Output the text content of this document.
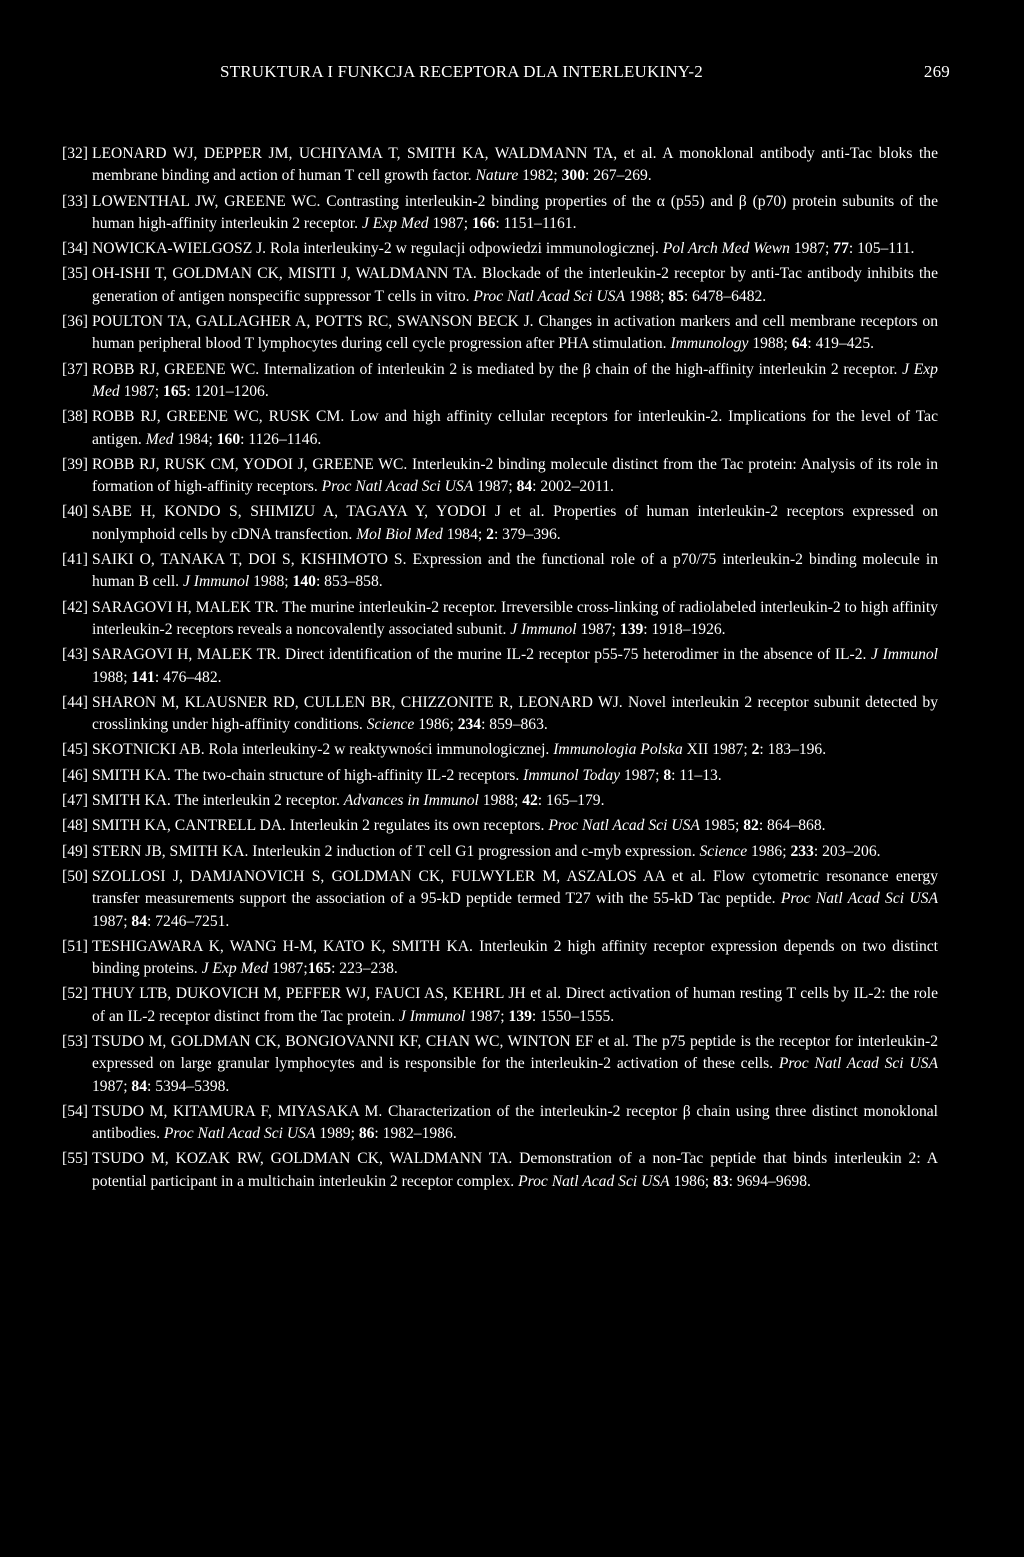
STRUKTURA I FUNKCJA RECEPTORA DLA INTERLEUKINY-2	269
[32] LEONARD WJ, DEPPER JM, UCHIYAMA T, SMITH KA, WALDMANN TA, et al. A monoklonal antibody anti-Tac bloks the membrane binding and action of human T cell growth factor. Nature 1982; 300: 267–269.
[33] LOWENTHAL JW, GREENE WC. Contrasting interleukin-2 binding properties of the α (p55) and β (p70) protein subunits of the human high-affinity interleukin 2 receptor. J Exp Med 1987; 166: 1151–1161.
[34] NOWICKA-WIELGOSZ J. Rola interleukiny-2 w regulacji odpowiedzi immunologicznej. Pol Arch Med Wewn 1987; 77: 105–111.
[35] OH-ISHI T, GOLDMAN CK, MISITI J, WALDMANN TA. Blockade of the interleukin-2 receptor by anti-Tac antibody inhibits the generation of antigen nonspecific suppressor T cells in vitro. Proc Natl Acad Sci USA 1988; 85: 6478–6482.
[36] POULTON TA, GALLAGHER A, POTTS RC, SWANSON BECK J. Changes in activation markers and cell membrane receptors on human peripheral blood T lymphocytes during cell cycle progression after PHA stimulation. Immunology 1988; 64: 419–425.
[37] ROBB RJ, GREENE WC. Internalization of interleukin 2 is mediated by the β chain of the high-affinity interleukin 2 receptor. J Exp Med 1987; 165: 1201–1206.
[38] ROBB RJ, GREENE WC, RUSK CM. Low and high affinity cellular receptors for interleukin-2. Implications for the level of Tac antigen. Med 1984; 160: 1126–1146.
[39] ROBB RJ, RUSK CM, YODOI J, GREENE WC. Interleukin-2 binding molecule distinct from the Tac protein: Analysis of its role in formation of high-affinity receptors. Proc Natl Acad Sci USA 1987; 84: 2002–2011.
[40] SABE H, KONDO S, SHIMIZU A, TAGAYA Y, YODOI J et al. Properties of human interleukin-2 receptors expressed on nonlymphoid cells by cDNA transfection. Mol Biol Med 1984; 2: 379–396.
[41] SAIKI O, TANAKA T, DOI S, KISHIMOTO S. Expression and the functional role of a p70/75 interleukin-2 binding molecule in human B cell. J Immunol 1988; 140: 853–858.
[42] SARAGOVI H, MALEK TR. The murine interleukin-2 receptor. Irreversible cross-linking of radiolabeled interleukin-2 to high affinity interleukin-2 receptors reveals a noncovalently associated subunit. J Immunol 1987; 139: 1918–1926.
[43] SARAGOVI H, MALEK TR. Direct identification of the murine IL-2 receptor p55-75 heterodimer in the absence of IL-2. J Immunol 1988; 141: 476–482.
[44] SHARON M, KLAUSNER RD, CULLEN BR, CHIZZONITE R, LEONARD WJ. Novel interleukin 2 receptor subunit detected by crosslinking under high-affinity conditions. Science 1986; 234: 859–863.
[45] SKOTNICKI AB. Rola interleukiny-2 w reaktywności immunologicznej. Immunologia Polska XII 1987; 2: 183–196.
[46] SMITH KA. The two-chain structure of high-affinity IL-2 receptors. Immunol Today 1987; 8: 11–13.
[47] SMITH KA. The interleukin 2 receptor. Advances in Immunol 1988; 42: 165–179.
[48] SMITH KA, CANTRELL DA. Interleukin 2 regulates its own receptors. Proc Natl Acad Sci USA 1985; 82: 864–868.
[49] STERN JB, SMITH KA. Interleukin 2 induction of T cell G1 progression and c-myb expression. Science 1986; 233: 203–206.
[50] SZOLLOSI J, DAMJANOVICH S, GOLDMAN CK, FULWYLER M, ASZALOS AA et al. Flow cytometric resonance energy transfer measurements support the association of a 95-kD peptide termed T27 with the 55-kD Tac peptide. Proc Natl Acad Sci USA 1987; 84: 7246–7251.
[51] TESHIGAWARA K, WANG H-M, KATO K, SMITH KA. Interleukin 2 high affinity receptor expression depends on two distinct binding proteins. J Exp Med 1987;165: 223–238.
[52] THUY LTB, DUKOVICH M, PEFFER WJ, FAUCI AS, KEHRL JH et al. Direct activation of human resting T cells by IL-2: the role of an IL-2 receptor distinct from the Tac protein. J Immunol 1987; 139: 1550–1555.
[53] TSUDO M, GOLDMAN CK, BONGIOVANNI KF, CHAN WC, WINTON EF et al. The p75 peptide is the receptor for interleukin-2 expressed on large granular lymphocytes and is responsible for the interleukin-2 activation of these cells. Proc Natl Acad Sci USA 1987; 84: 5394–5398.
[54] TSUDO M, KITAMURA F, MIYASAKA M. Characterization of the interleukin-2 receptor β chain using three distinct monoklonal antibodies. Proc Natl Acad Sci USA 1989; 86: 1982–1986.
[55] TSUDO M, KOZAK RW, GOLDMAN CK, WALDMANN TA. Demonstration of a non-Tac peptide that binds interleukin 2: A potential participant in a multichain interleukin 2 receptor complex. Proc Natl Acad Sci USA 1986; 83: 9694–9698.
